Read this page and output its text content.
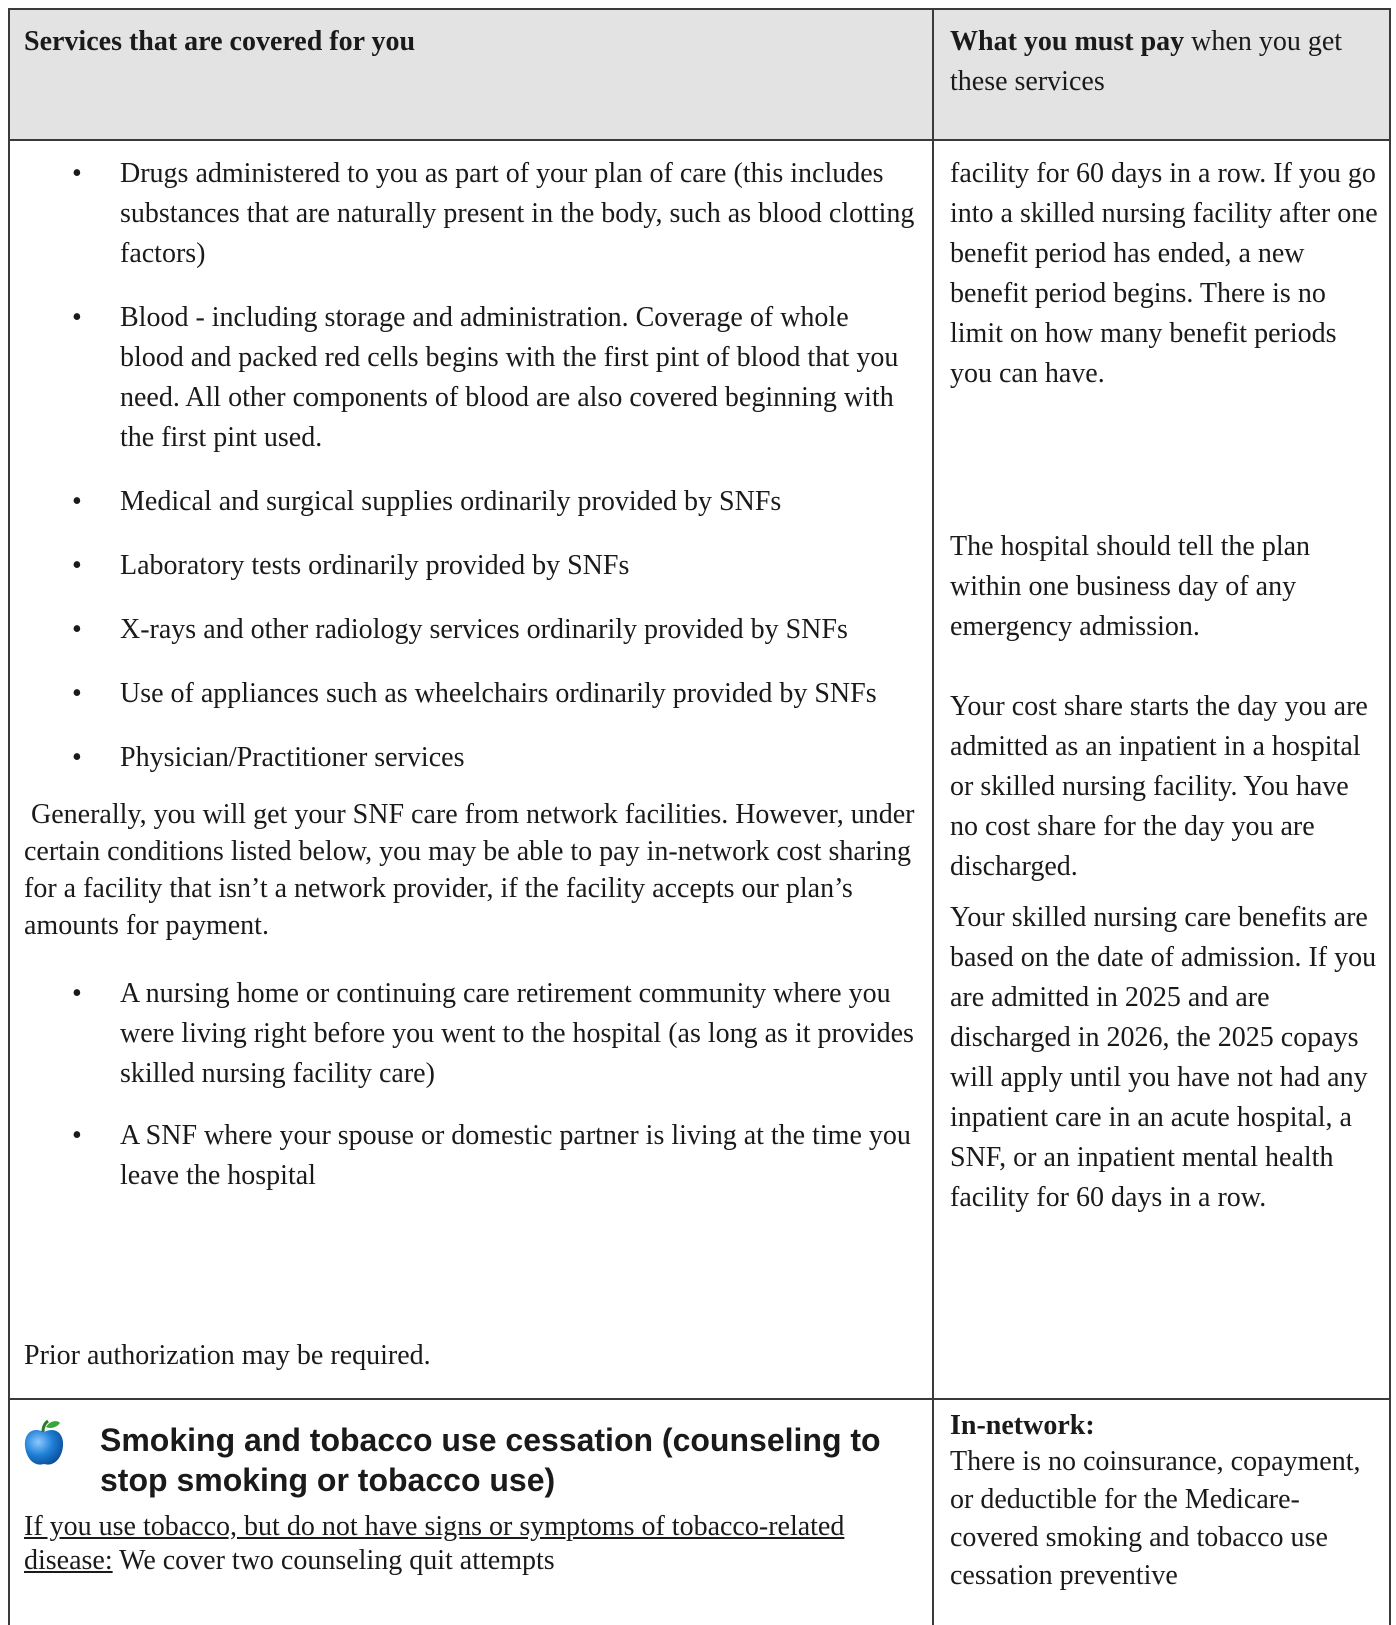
Services that are covered for you	What you must pay when you get these services
• Drugs administered to you as part of your plan of care (this includes substances that are naturally present in the body, such as blood clotting factors)
• Blood - including storage and administration. Coverage of whole blood and packed red cells begins with the first pint of blood that you need. All other components of blood are also covered beginning with the first pint used.
• Medical and surgical supplies ordinarily provided by SNFs
• Laboratory tests ordinarily provided by SNFs
• X-rays and other radiology services ordinarily provided by SNFs
• Use of appliances such as wheelchairs ordinarily provided by SNFs
• Physician/Practitioner services
Generally, you will get your SNF care from network facilities. However, under certain conditions listed below, you may be able to pay in-network cost sharing for a facility that isn’t a network provider, if the facility accepts our plan’s amounts for payment.
• A nursing home or continuing care retirement community where you were living right before you went to the hospital (as long as it provides skilled nursing facility care)
• A SNF where your spouse or domestic partner is living at the time you leave the hospital
Prior authorization may be required.
facility for 60 days in a row. If you go into a skilled nursing facility after one benefit period has ended, a new benefit period begins. There is no limit on how many benefit periods you can have.
The hospital should tell the plan within one business day of any emergency admission.
Your cost share starts the day you are admitted as an inpatient in a hospital or skilled nursing facility. You have no cost share for the day you are discharged.
Your skilled nursing care benefits are based on the date of admission. If you are admitted in 2025 and are discharged in 2026, the 2025 copays will apply until you have not had any inpatient care in an acute hospital, a SNF, or an inpatient mental health facility for 60 days in a row.
Smoking and tobacco use cessation (counseling to stop smoking or tobacco use)
If you use tobacco, but do not have signs or symptoms of tobacco-related disease: We cover two counseling quit attempts
In-network:
There is no coinsurance, copayment, or deductible for the Medicare-covered smoking and tobacco use cessation preventive
